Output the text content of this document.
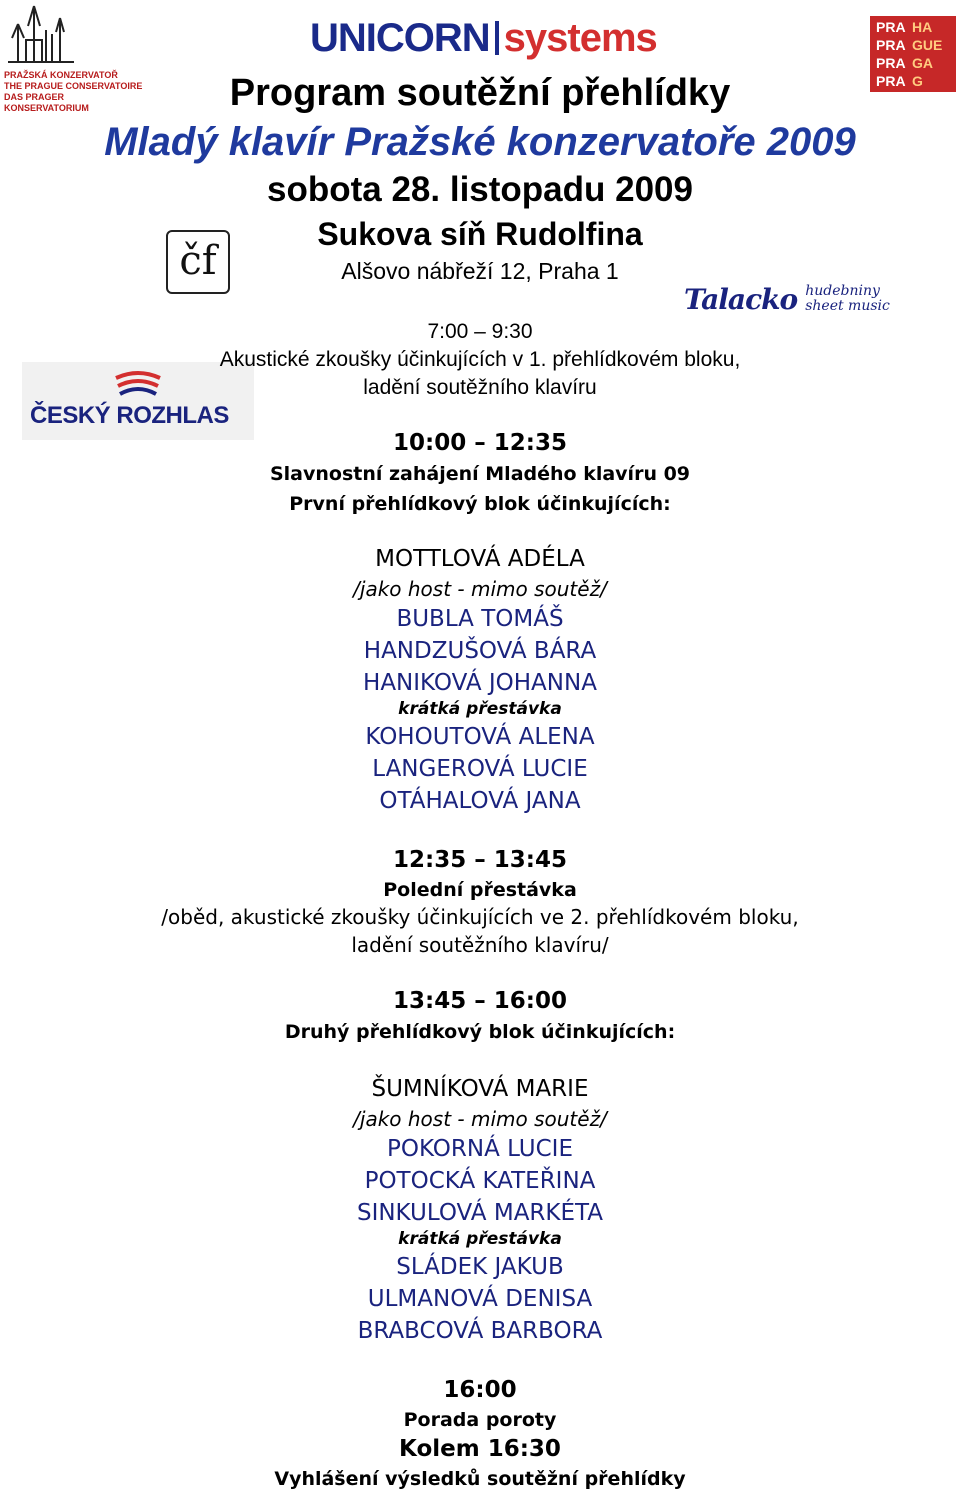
PRAŽSKÁ KONZERVATOŘ
THE PRAGUE CONSERVATOIRE
DAS PRAGER KONSERVATORIUM
UNICORN systems	PRA HA
PRA GUE
PRA GA
PRA G
čf
Talacko hudebniny
sheet music
ČESKÝ ROZHLAS
Program soutěžní přehlídky
Mladý klavír Pražské konzervatoře 2009
sobota 28. listopadu 2009
Sukova síň Rudolfina
Alšovo nábřeží 12, Praha 1
7:00 – 9:30
Akustické zkoušky účinkujících v 1. přehlídkovém bloku,
ladění soutěžního klavíru
10:00 – 12:35
Slavnostní zahájení Mladého klavíru 09
První přehlídkový blok účinkujících:
MOTTLOVÁ ADÉLA
/jako host - mimo soutěž/
BUBLA TOMÁŠ
HANDZUŠOVÁ BÁRA
HANIKOVÁ JOHANNA
krátká přestávka
KOHOUTOVÁ ALENA
LANGEROVÁ LUCIE
OTÁHALOVÁ JANA
12:35 – 13:45
Polední přestávka
/oběd, akustické zkoušky účinkujících ve 2. přehlídkovém bloku,
ladění soutěžního klavíru/
13:45 – 16:00
Druhý přehlídkový blok účinkujících:
ŠUMNÍKOVÁ MARIE
/jako host - mimo soutěž/
POKORNÁ LUCIE
POTOCKÁ KATEŘINA
SINKULOVÁ MARKÉTA
krátká přestávka
SLÁDEK JAKUB
ULMANOVÁ DENISA
BRABCOVÁ BARBORA
16:00
Porada poroty
Kolem 16:30
Vyhlášení výsledků soutěžní přehlídky
